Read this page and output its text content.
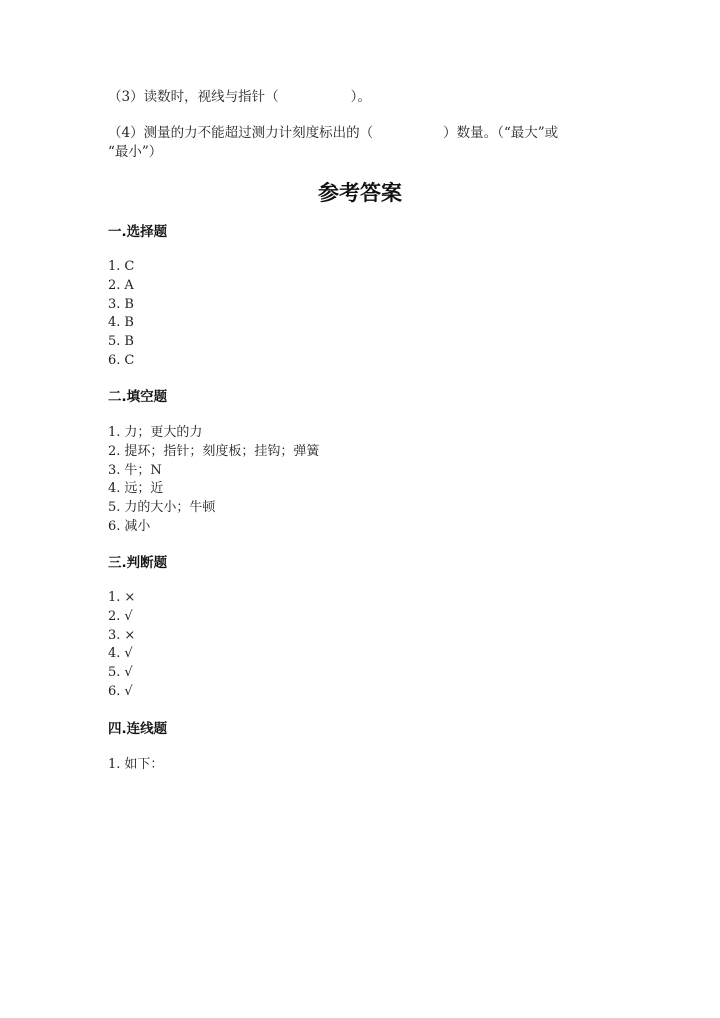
（3）读数时，视线与指针（	）。
（4）测量的力不能超过测力计刻度标出的（	）数量。（“最大”或
“最小”）
参考答案
一.选择题
1. C
2. A
3. B
4. B
5. B
6. C
二.填空题
1. 力；更大的力
2. 提环；指针；刻度板；挂钩；弹簧
3. 牛；N
4. 远；近
5. 力的大小；牛顿
6. 减小
三.判断题
1. ×
2. √
3. ×
4. √
5. √
6. √
四.连线题
1. 如下：
